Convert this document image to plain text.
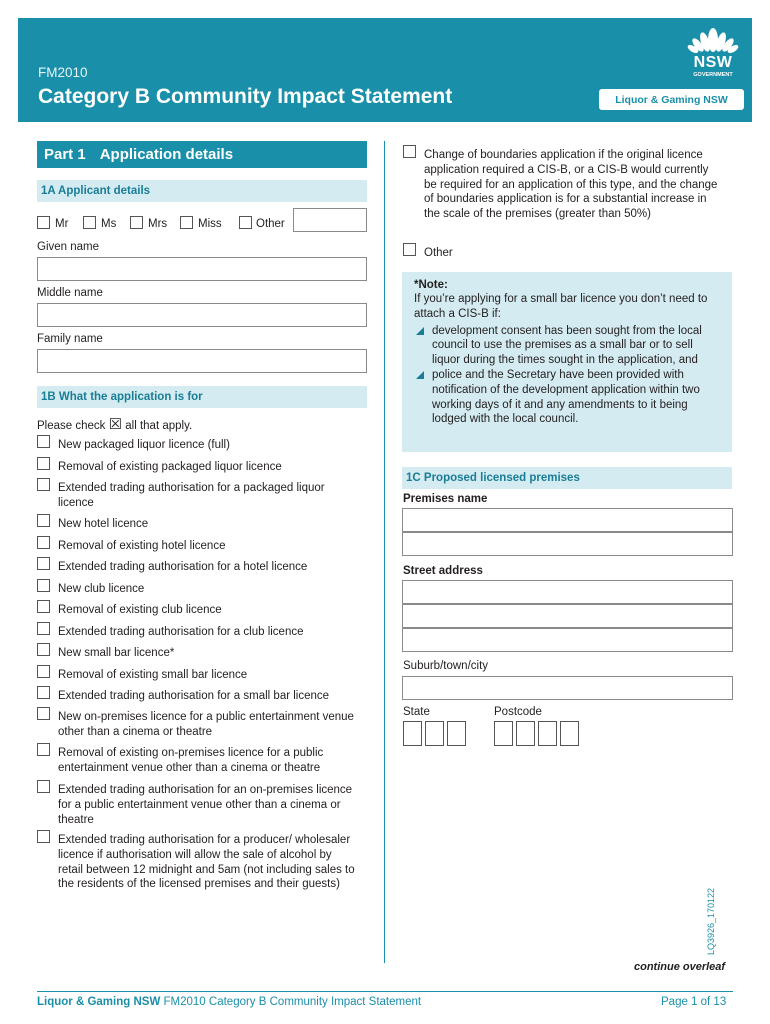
FM2010
Category B Community Impact Statement	Liquor & Gaming NSW
NSW
GOVERNMENT
Part 1 Application details
1A Applicant details
Mr	Ms	Mrs	Miss	Other
Given name
Middle name
Family name
1B What the application is for
Please check ☒ all that apply.
New packaged liquor licence (full)
Removal of existing packaged liquor licence
Extended trading authorisation for a packaged liquor licence
New hotel licence
Removal of existing hotel licence
Extended trading authorisation for a hotel licence
New club licence
Removal of existing club licence
Extended trading authorisation for a club licence
New small bar licence*
Removal of existing small bar licence
Extended trading authorisation for a small bar licence
New on-premises licence for a public entertainment venue other than a cinema or theatre
Removal of existing on-premises licence for a public entertainment venue other than a cinema or theatre
Extended trading authorisation for an on-premises licence for a public entertainment venue other than a cinema or theatre
Extended trading authorisation for a producer/ wholesaler licence if authorisation will allow the sale of alcohol by retail between 12 midnight and 5am (not including sales to the residents of the licensed premises and their guests)
Change of boundaries application if the original licence application required a CIS-B, or a CIS-B would currently be required for an application of this type, and the change of boundaries application is for a substantial increase in the scale of the premises (greater than 50%)
Other
*Note:
If you’re applying for a small bar licence you don’t need to attach a CIS-B if:
development consent has been sought from the local council to use the premises as a small bar or to sell liquor during the times sought in the application, and
police and the Secretary have been provided with notification of the development application within two working days of it and any amendments to it being lodged with the local council.
1C Proposed licensed premises
Premises name
Street address
Suburb/town/city
State	Postcode
continue overleaf
LQ3926_170122
Liquor & Gaming NSW FM2010 Category B Community Impact Statement	Page 1 of 13
